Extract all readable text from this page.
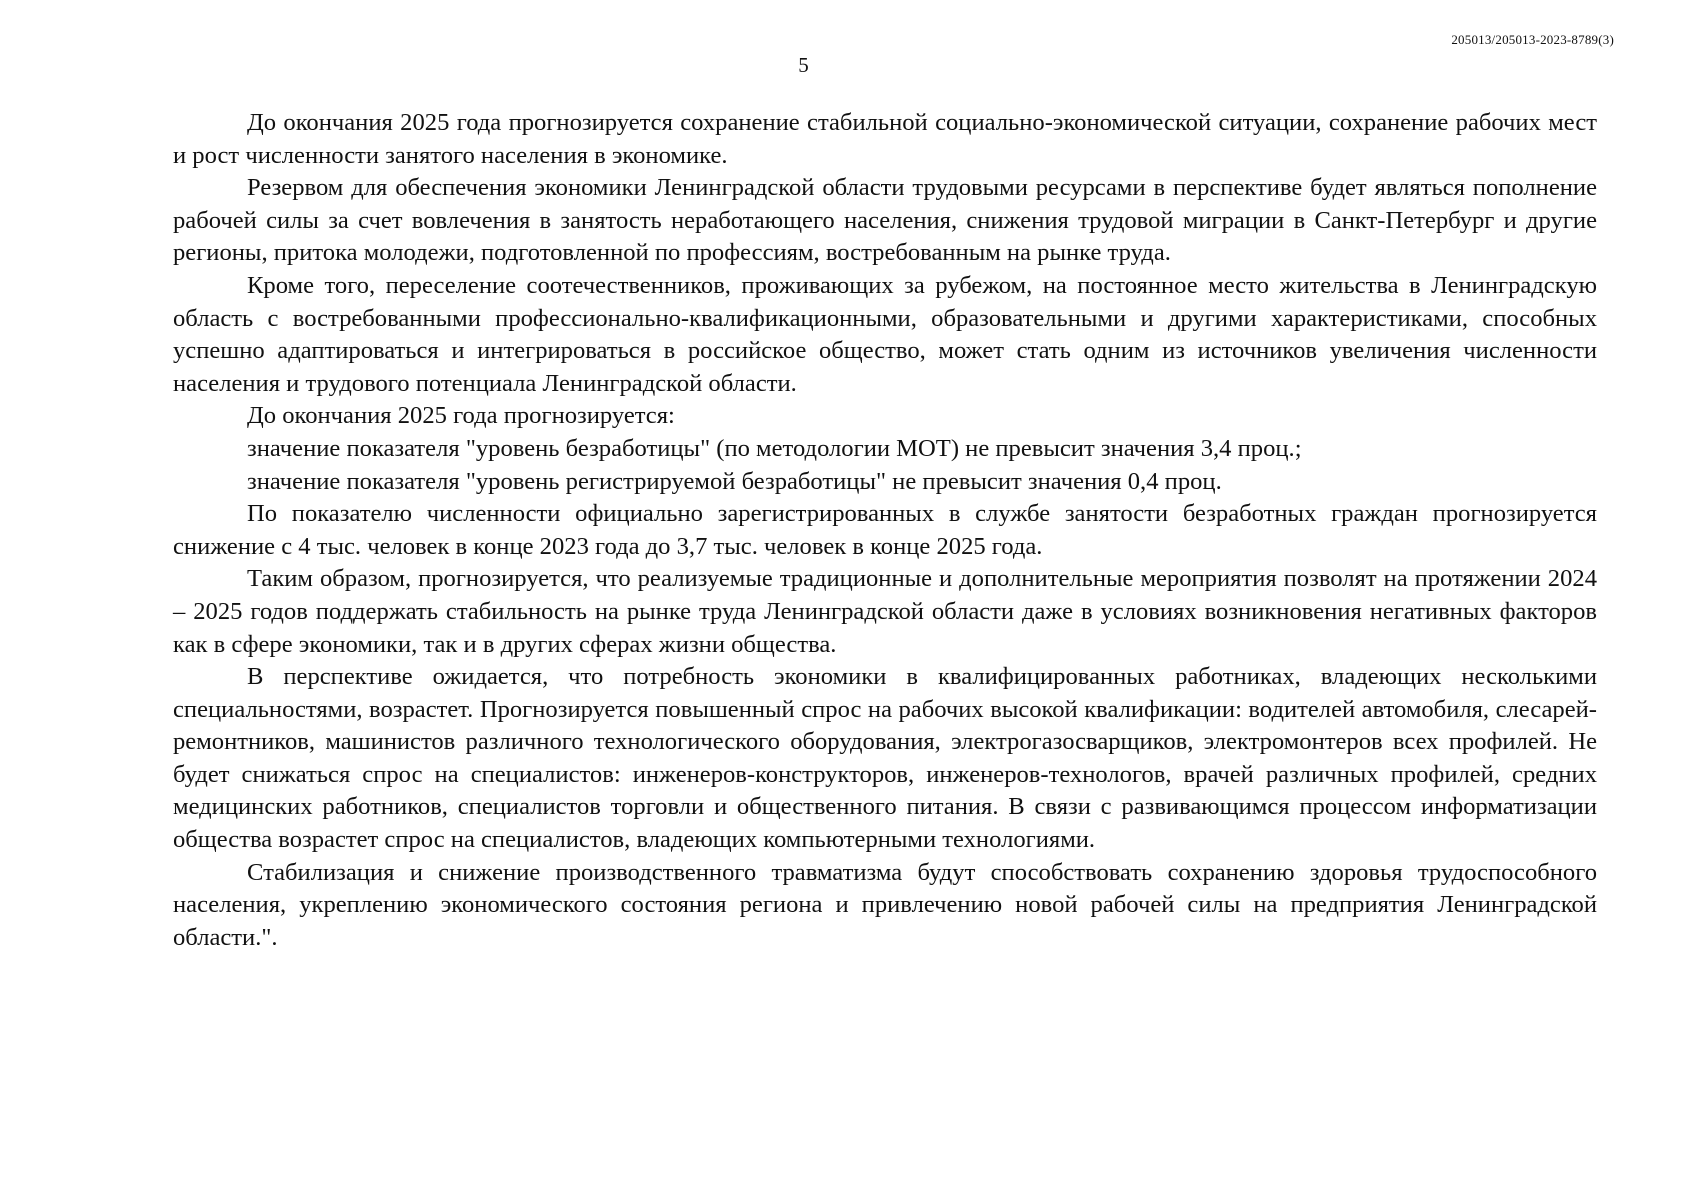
205013/205013-2023-8789(3)
5

До окончания 2025 года прогнозируется сохранение стабильной социально-экономической ситуации, сохранение рабочих мест и рост численности занятого населения в экономике.

Резервом для обеспечения экономики Ленинградской области трудовыми ресурсами в перспективе будет являться пополнение рабочей силы за счет вовлечения в занятость неработающего населения, снижения трудовой миграции в Санкт-Петербург и другие регионы, притока молодежи, подготовленной по профессиям, востребованным на рынке труда.

Кроме того, переселение соотечественников, проживающих за рубежом, на постоянное место жительства в Ленинградскую область с востребованными профессионально-квалификационными, образовательными и другими характеристиками, способных успешно адаптироваться и интегрироваться в российское общество, может стать одним из источников увеличения численности населения и трудового потенциала Ленинградской области.

До окончания 2025 года прогнозируется:

значение показателя "уровень безработицы" (по методологии МОТ) не превысит значения 3,4 проц.;

значение показателя "уровень регистрируемой безработицы" не превысит значения 0,4 проц.

По показателю численности официально зарегистрированных в службе занятости безработных граждан прогнозируется снижение с 4 тыс. человек в конце 2023 года до 3,7 тыс. человек в конце 2025 года.

Таким образом, прогнозируется, что реализуемые традиционные и дополнительные мероприятия позволят на протяжении 2024 – 2025 годов поддержать стабильность на рынке труда Ленинградской области даже в условиях возникновения негативных факторов как в сфере экономики, так и в других сферах жизни общества.

В перспективе ожидается, что потребность экономики в квалифицированных работниках, владеющих несколькими специальностями, возрастет. Прогнозируется повышенный спрос на рабочих высокой квалификации: водителей автомобиля, слесарей-ремонтников, машинистов различного технологического оборудования, электрогазосварщиков, электромонтеров всех профилей. Не будет снижаться спрос на специалистов: инженеров-конструкторов, инженеров-технологов, врачей различных профилей, средних медицинских работников, специалистов торговли и общественного питания. В связи с развивающимся процессом информатизации общества возрастет спрос на специалистов, владеющих компьютерными технологиями.

Стабилизация и снижение производственного травматизма будут способствовать сохранению здоровья трудоспособного населения, укреплению экономического состояния региона и привлечению новой рабочей силы на предприятия Ленинградской области.".
